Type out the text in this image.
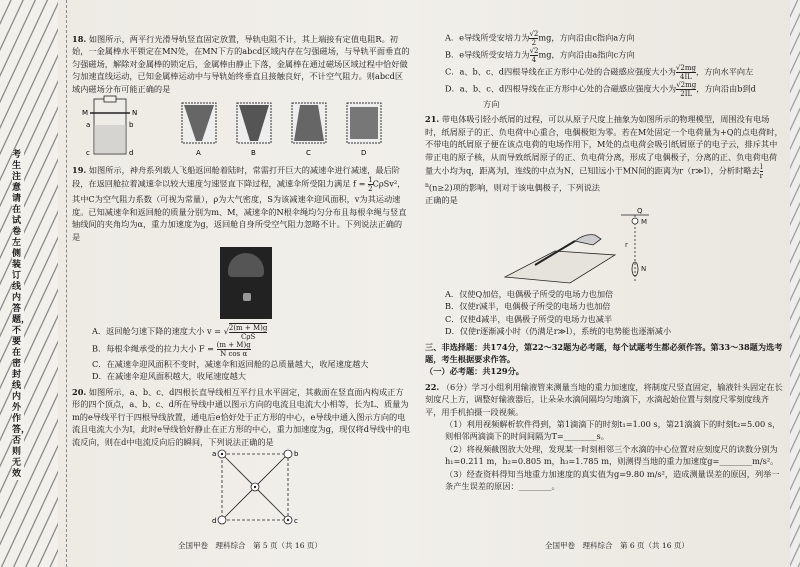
考生注意请在试卷左侧装订线内答题，不要在密封线内外作答，否则无效

18. 如图所示，两平行光滑导轨竖直固定放置，导轨电阻不计，其上端接有定值电阻R。初始，一金属棒水平锁定在MN处，在MN下方的abcd区域内存在匀强磁场，与导轨平面垂直的匀强磁场，解除对金属棒的锁定后，金属棒由静止下落，金属棒在通过磁场区域过程中恰好做匀加速直线运动，已知金属棒运动中与导轨始终垂直且接触良好，不计空气阻力。则abcd区域内磁场分布可能正确的是

M	N
a	b
c	d	A	B	C	D

19. 如图所示，神舟系列载人飞船返回舱着陆时，常需打开巨大的减速伞进行减速，最后阶段，在返回舱拉着减速伞以较大速度匀速竖直下降过程，减速伞所受阻力满足 $f = \frac{1}{2} C\rho Sv^2$，

其中C为空气阻力系数（可视为常量），ρ为大气密度，S为该减速伞迎风面积，v为其运动速度。已知减速伞和返回舱的质量分别为m、M，减速伞的N根伞绳均匀分布且每根伞绳与竖直轴线间的夹角均为α，重力加速度为g，返回舱自身所受空气阻力忽略不计。下列说法正确的是

A．返回舱匀速下降的速度大小 v = √ $\frac{2(m + M)g}{\text{CρS}}$

B．每根伞绳承受的拉力大小 $F = \frac{(m + M)g}{\text{N cos α}}$

C．在减速伞迎风面积不变时，减速伞和返回舱的总质量越大，收尾速度越大

D．在减速伞迎风面积越大，收尾速度越大

20. 如图所示，a、b、c、d四根长直导线相互平行且水平固定，其截面在竖直面内构成正方形的四个顶点，a、b、c、d所在导线中通以图示方向的电流且电流大小相等，长为L、质量为m的e导线平行于四根导线放置，通电后e恰好处于正方形的中心，e导线中通入图示方向的电流且电流大小为I，此时e导线恰好静止在正方形的中心，重力加速度为g，现仅将d导线中的电流反向，则在d中电流反向后的瞬间，下列说法正确的是

a	b
c
d
全国甲卷　理科综合　第 5 页（共 16 页）

A．e导线所受安培力为 $\frac{√2}{2}$ mg，方向沿由c指向a方向

B．e导线所受安培力为 $\frac{√2}{4}$ mg，方向沿由a指向c方向

C．a、b、c、d四根导线在正方形中心处的合磁感应强度大小为 $\frac{√2mg}{4IL}$ ，方向水平向左

D．a、b、c、d四根导线在正方形中心处的合磁感应强度大小为 $\frac{√2mg}{2IL}$ ，方向沿由b到d

方向

21. 带电体吸引轻小纸屑的过程，可以从原子尺度上抽象为如图所示的物理模型，周围没有电场时，纸屑原子的正、负电荷中心重合，电偶极矩为零。若在M处固定一个电荷量为+Q的点电荷时，不带电的纸屑原子便在该点电荷的电场作用下，M处的点电荷会吸引纸屑原子的电子云，排斥其中带正电的原子核，从而导致纸屑原子的正、负电荷分离，形成了电偶极子，分离的正、负电荷电荷量大小均为q，距离为l，连线的中点为N，已知l远小于MN间的距离为r（r≫l），分析时略去 $\frac{l}{r}$
$^n$(n≥2)项的影响，则对于该电偶极子，下列说法

正确的是

Q
M
N
r

A．仅使Q加倍，电偶极子所受的电场力也加倍

B．仅使r减半，电偶极子所受的电场力也加倍

C．仅使d减半，电偶极子所受的电场力也减半

D．仅使r逐渐减小时（仍满足r≫l），系统的电势能也逐渐减小

三、非选择题：共174分，第22～32题为必考题，每个试题考生都必须作答。第33～38题为选考题，考生根据要求作答。

（一）必考题：共129分。

22. （6分）学习小组利用输液管来测量当地的重力加速度，将制度尺竖直固定，输液针头固定在长刻度尺上方，调整好输液器后，让朵朵水滴间隔均匀地滴下，水滴起始位置与刻度尺零刻度线齐平，用手机拍摄一段视频。

（1）利用视频解析软件得到，第1滴滴下的时刻t₁=1.00 s，第21滴滴下的时刻t₂=5.00 s，则相邻两滴滴下的时间间隔为T=________s。

（2）将视频截图放大处理，发现某一时刻相邻三个水滴的中心位置对应刻度尺的读数分别为h₁=0.211 m，h₂=0.805 m，h₃=1.785 m，则测得当地的重力加速度g=________m/s²。

（3）经查资料得知当地重力加速度的真实值为g=9.80 m/s²，造成测量误差的原因，列举一条产生误差的原因：________。

全国甲卷　理科综合　第 6 页（共 16 页）
